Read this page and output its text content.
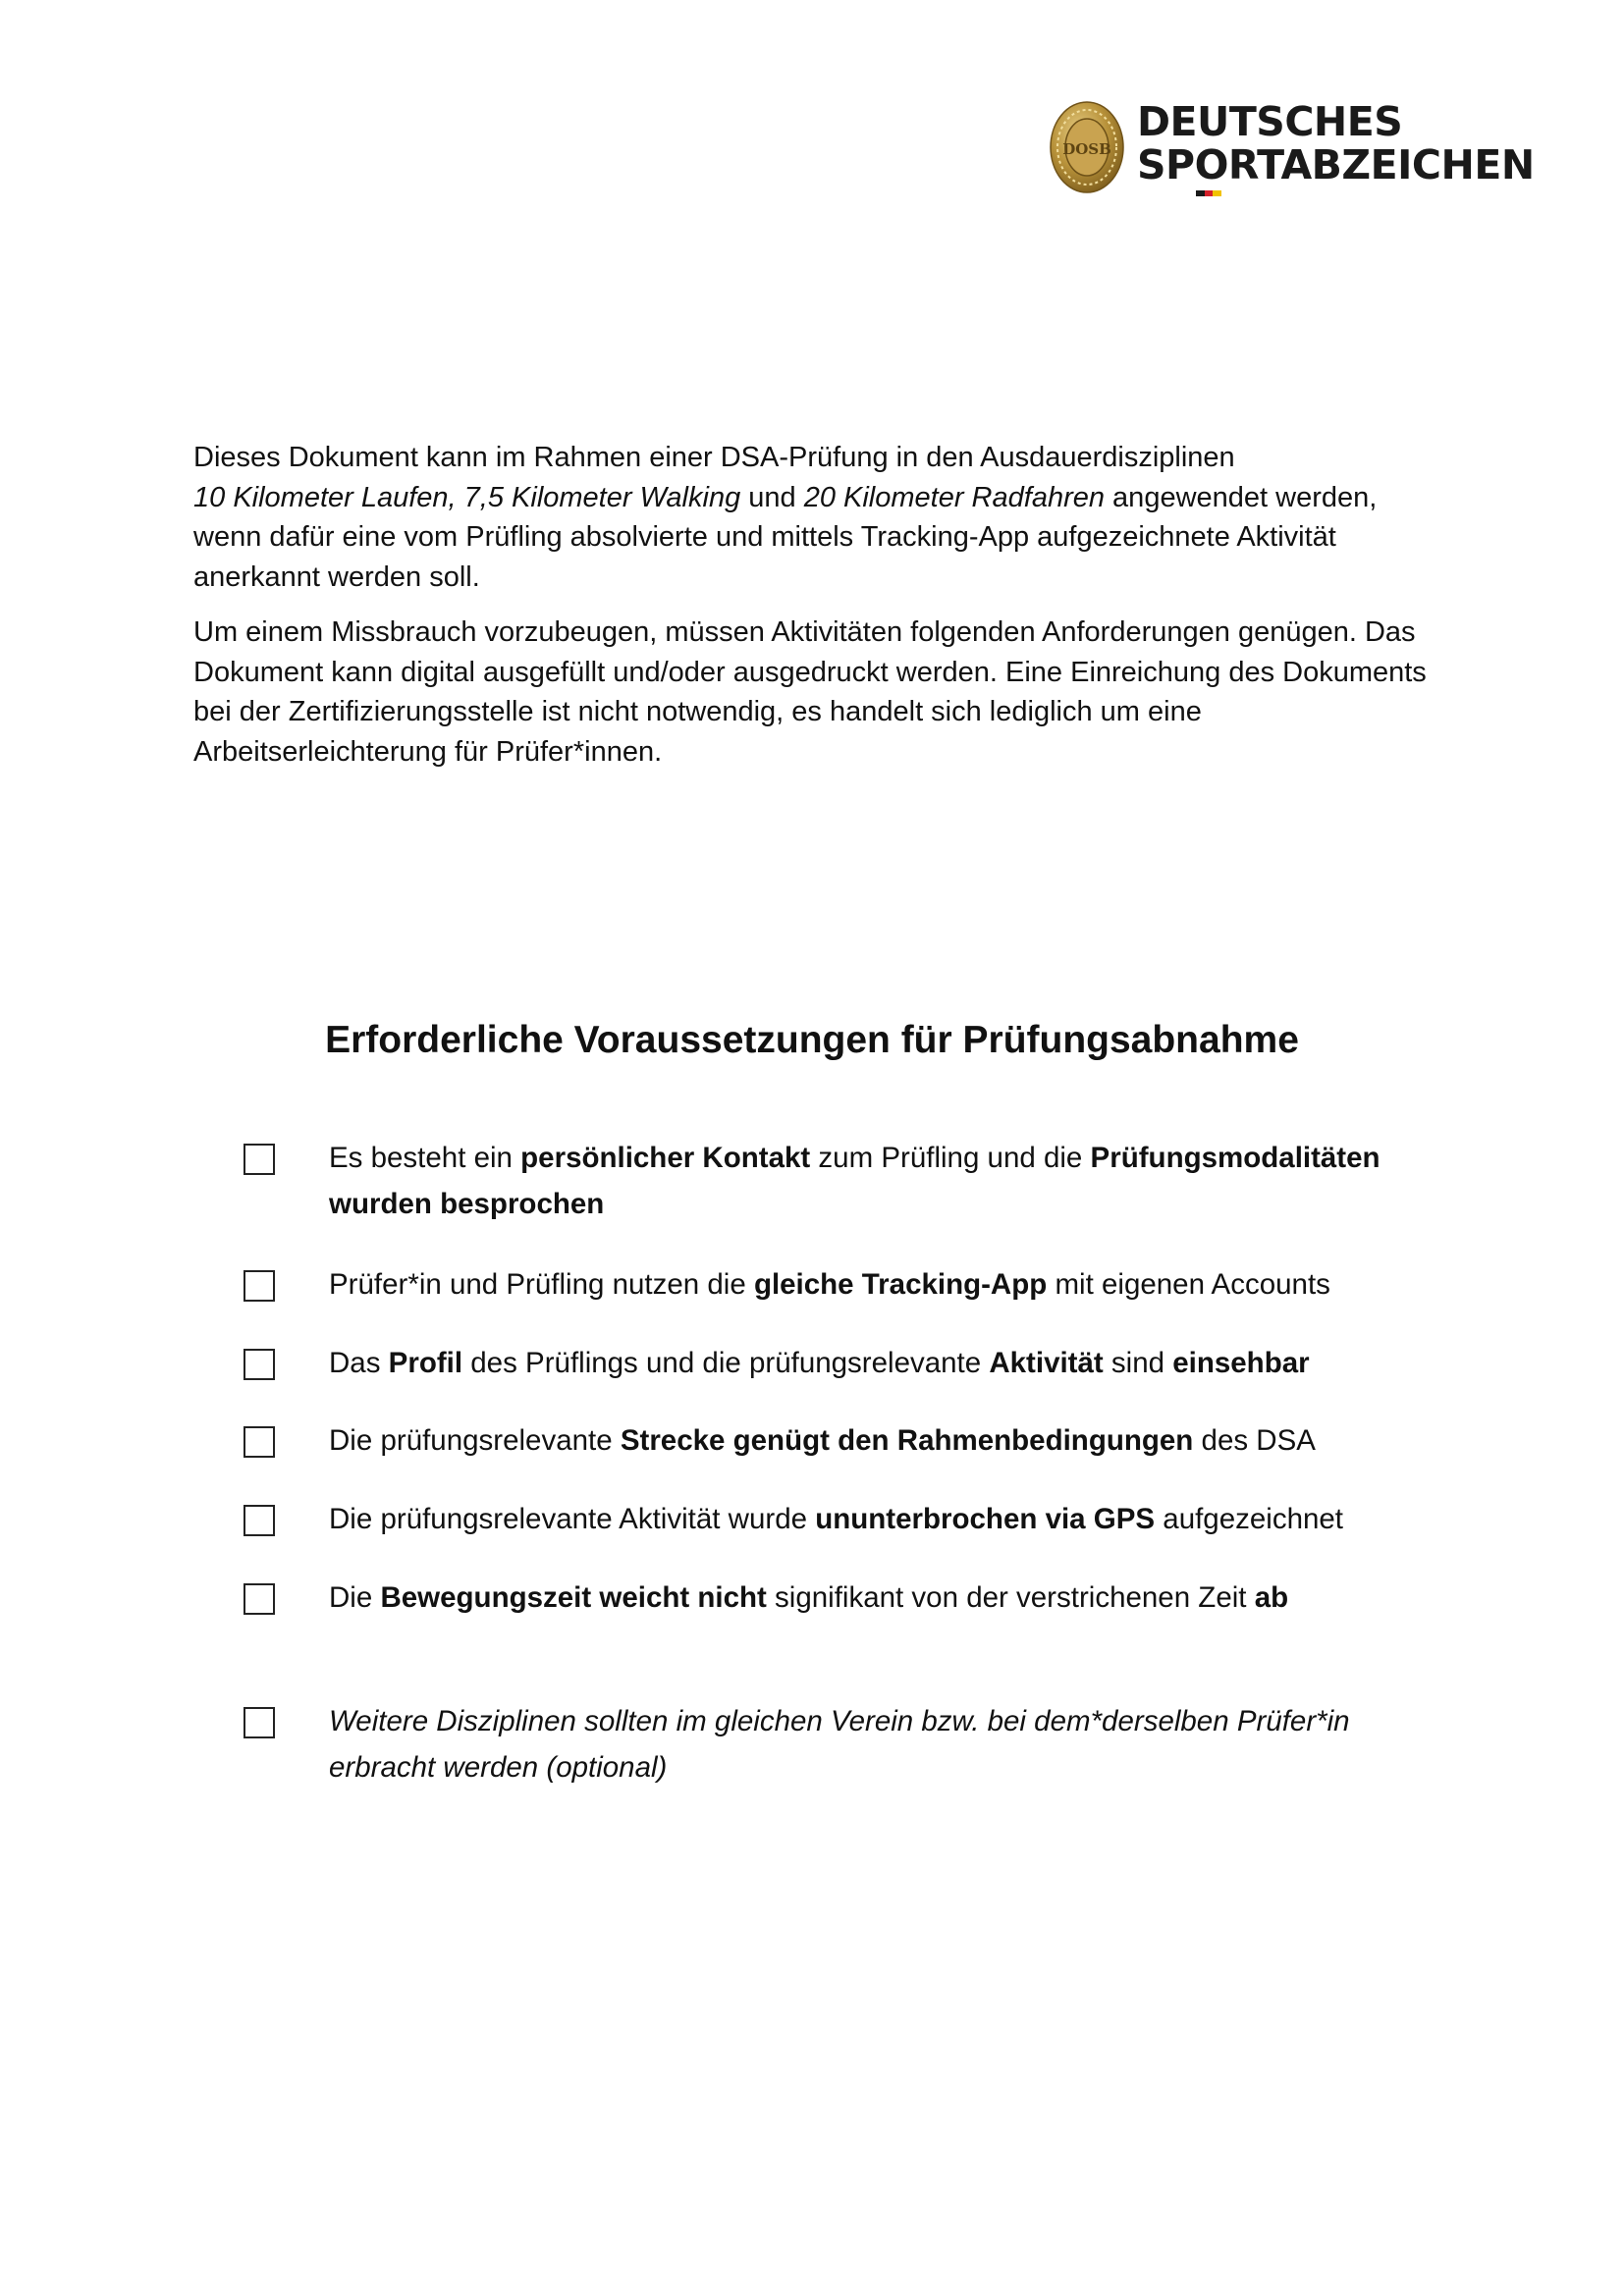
DOSB
DEUTSCHES
SPORTABZEICHEN

Dieses Dokument kann im Rahmen einer DSA-Prüfung in den Ausdauerdisziplinen
10 Kilometer Laufen, 7,5 Kilometer Walking und 20 Kilometer Radfahren angewendet werden, wenn dafür eine vom Prüfling absolvierte und mittels Tracking-App aufgezeichnete Aktivität anerkannt werden soll.

Um einem Missbrauch vorzubeugen, müssen Aktivitäten folgenden Anforderungen genügen. Das Dokument kann digital ausgefüllt und/oder ausgedruckt werden. Eine Einreichung des Dokuments bei der Zertifizierungsstelle ist nicht notwendig, es handelt sich lediglich um eine Arbeitserleichterung für Prüfer*innen.

Erforderliche Voraussetzungen für Prüfungsabnahme
Es besteht ein persönlicher Kontakt zum Prüfling und die Prüfungsmodalitäten wurden besprochen
Prüfer*in und Prüfling nutzen die gleiche Tracking-App mit eigenen Accounts
Das Profil des Prüflings und die prüfungsrelevante Aktivität sind einsehbar
Die prüfungsrelevante Strecke genügt den Rahmenbedingungen des DSA
Die prüfungsrelevante Aktivität wurde ununterbrochen via GPS aufgezeichnet
Die Bewegungszeit weicht nicht signifikant von der verstrichenen Zeit ab
Weitere Disziplinen sollten im gleichen Verein bzw. bei dem*derselben Prüfer*in erbracht werden (optional)
